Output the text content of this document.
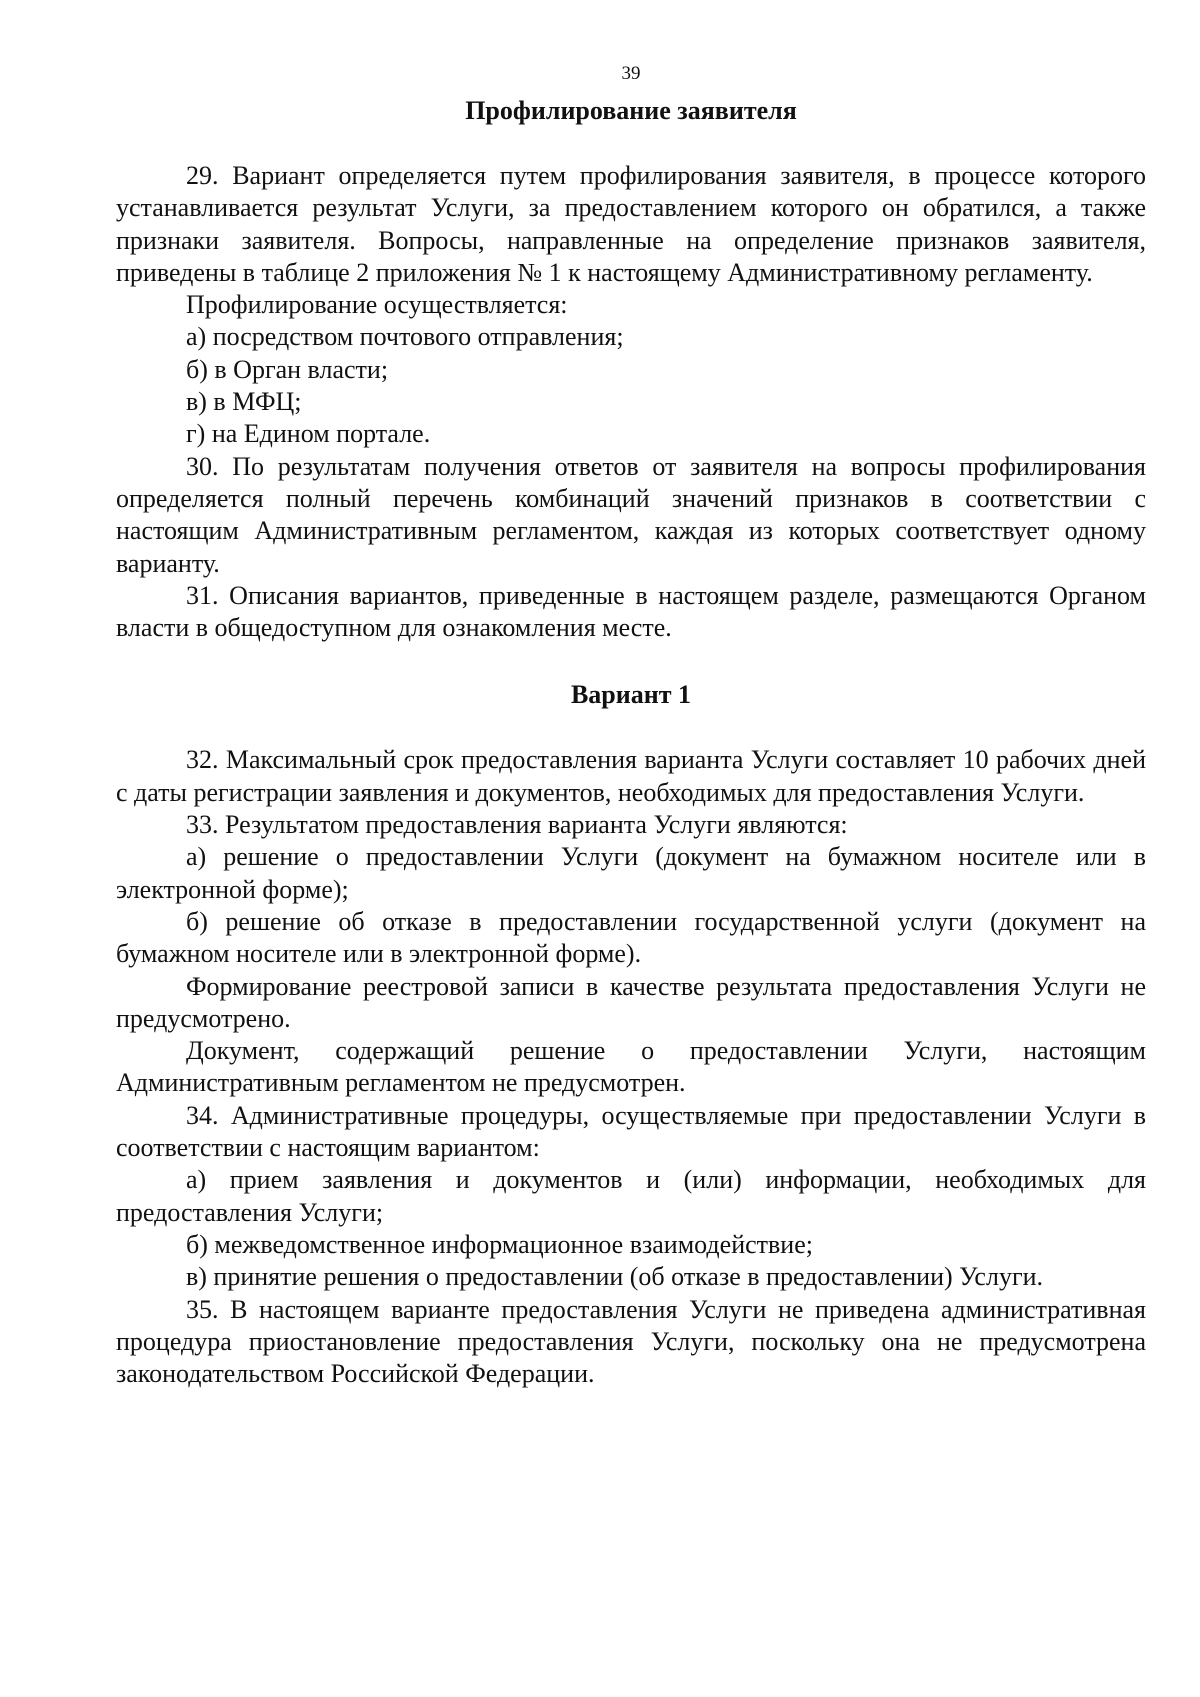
39
Профилирование заявителя

29. Вариант определяется путем профилирования заявителя, в процессе которого устанавливается результат Услуги, за предоставлением которого он обратился, а также признаки заявителя. Вопросы, направленные на определение признаков заявителя, приведены в таблице 2 приложения № 1 к настоящему Административному регламенту.

Профилирование осуществляется:

а) посредством почтового отправления;

б) в Орган власти;

в) в МФЦ;

г) на Едином портале.

30. По результатам получения ответов от заявителя на вопросы профилирования определяется полный перечень комбинаций значений признаков в соответствии с настоящим Административным регламентом, каждая из которых соответствует одному варианту.

31. Описания вариантов, приведенные в настоящем разделе, размещаются Органом власти в общедоступном для ознакомления месте.

Вариант 1

32. Максимальный срок предоставления варианта Услуги составляет 10 рабочих дней с даты регистрации заявления и документов, необходимых для предоставления Услуги.

33. Результатом предоставления варианта Услуги являются:

а) решение о предоставлении Услуги (документ на бумажном носителе или в электронной форме);

б) решение об отказе в предоставлении государственной услуги (документ на бумажном носителе или в электронной форме).

Формирование реестровой записи в качестве результата предоставления Услуги не предусмотрено.

Документ, содержащий решение о предоставлении Услуги, настоящим Административным регламентом не предусмотрен.

34. Административные процедуры, осуществляемые при предоставлении Услуги в соответствии с настоящим вариантом:

а) прием заявления и документов и (или) информации, необходимых для предоставления Услуги;

б) межведомственное информационное взаимодействие;

в) принятие решения о предоставлении (об отказе в предоставлении) Услуги.

35. В настоящем варианте предоставления Услуги не приведена административная процедура приостановление предоставления Услуги, поскольку она не предусмотрена законодательством Российской Федерации.
